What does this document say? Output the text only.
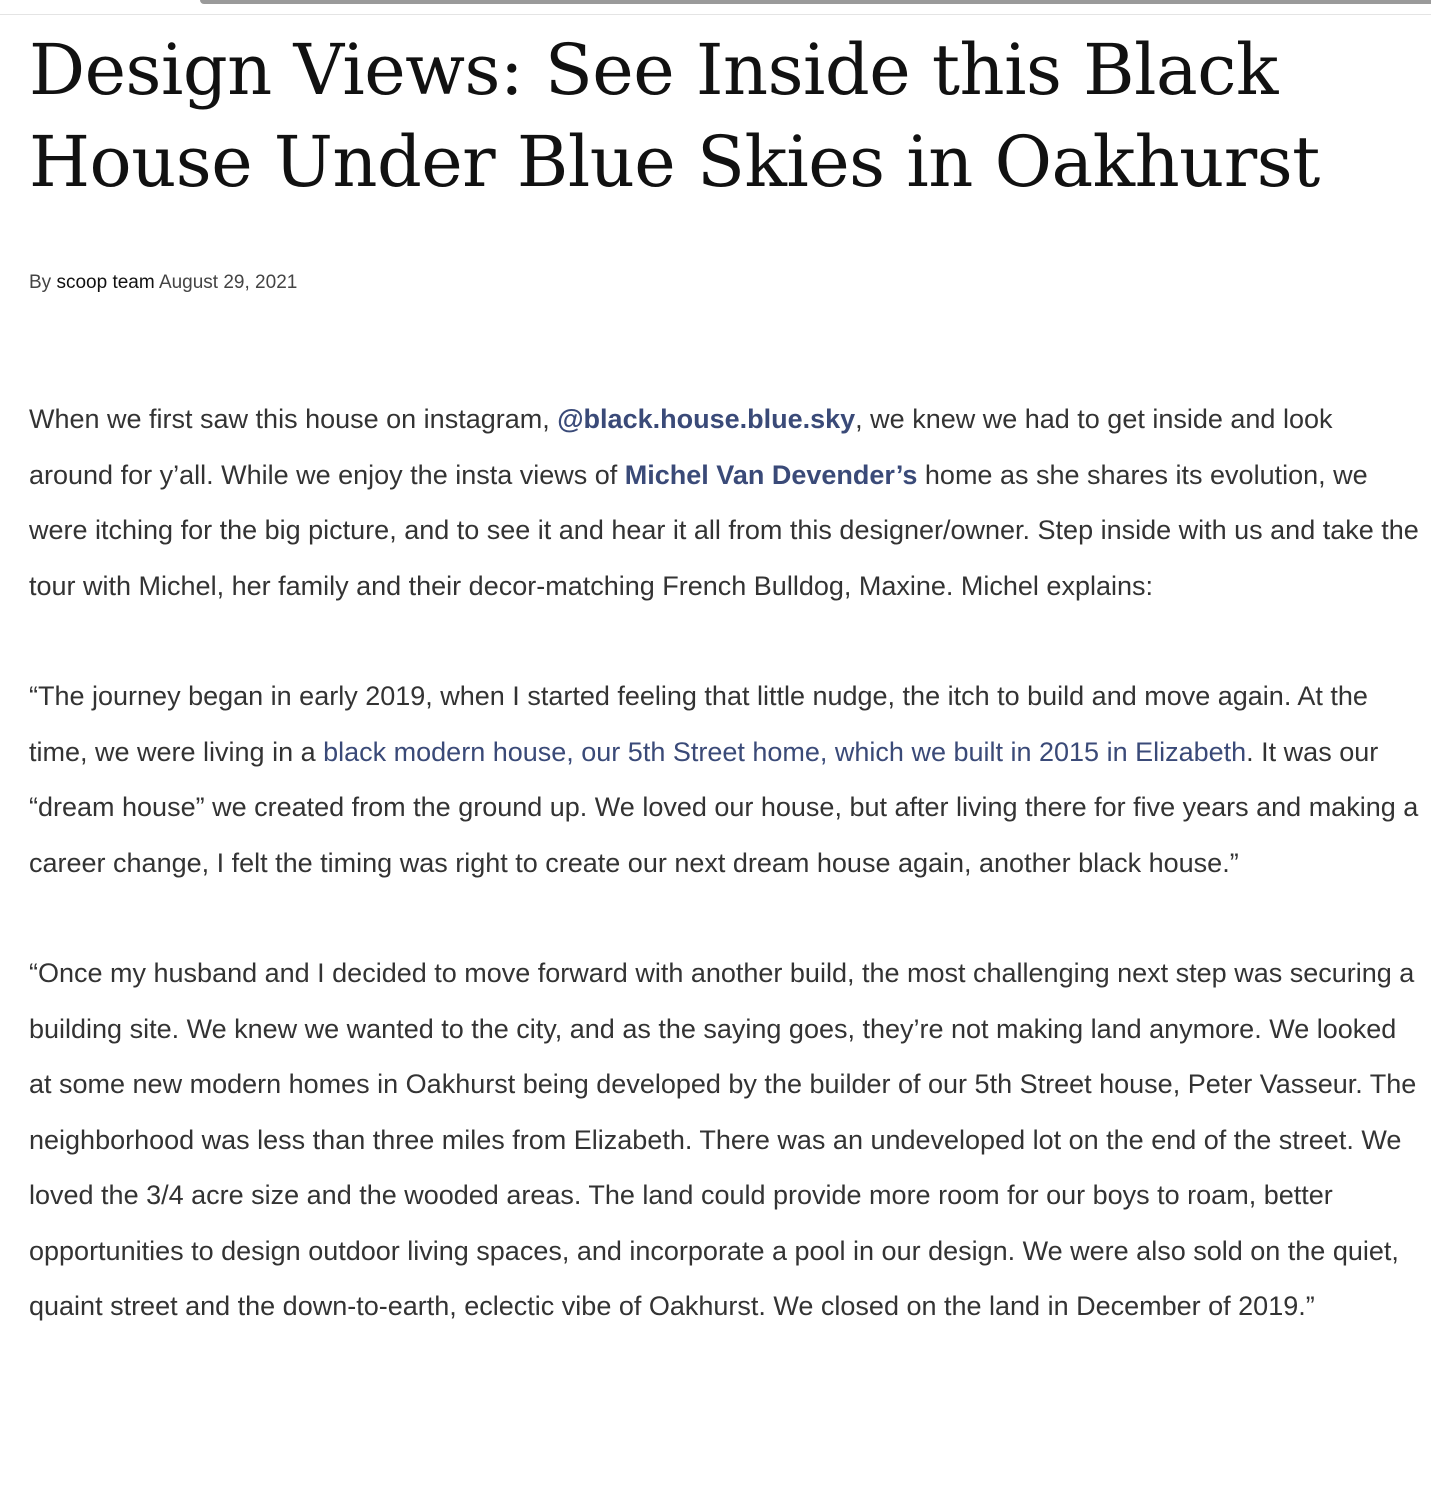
Design Views: See Inside this Black House Under Blue Skies in Oakhurst
By scoop team August 29, 2021

When we first saw this house on instagram, @black.house.blue.sky, we knew we had to get inside and look around for y’all. While we enjoy the insta views of Michel Van Devender’s home as she shares its evolution, we were itching for the big picture, and to see it and hear it all from this designer/owner. Step inside with us and take the tour with Michel, her family and their decor-matching French Bulldog, Maxine. Michel explains:

“The journey began in early 2019, when I started feeling that little nudge, the itch to build and move again. At the time, we were living in a black modern house, our 5th Street home, which we built in 2015 in Elizabeth. It was our “dream house” we created from the ground up. We loved our house, but after living there for five years and making a career change, I felt the timing was right to create our next dream house again, another black house.”

“Once my husband and I decided to move forward with another build, the most challenging next step was securing a building site. We knew we wanted to the city, and as the saying goes, they’re not making land anymore. We looked at some new modern homes in Oakhurst being developed by the builder of our 5th Street house, Peter Vasseur. The neighborhood was less than three miles from Elizabeth. There was an undeveloped lot on the end of the street. We loved the 3/4 acre size and the wooded areas. The land could provide more room for our boys to roam, better opportunities to design outdoor living spaces, and incorporate a pool in our design. We were also sold on the quiet, quaint street and the down-to-earth, eclectic vibe of Oakhurst. We closed on the land in December of 2019.”
